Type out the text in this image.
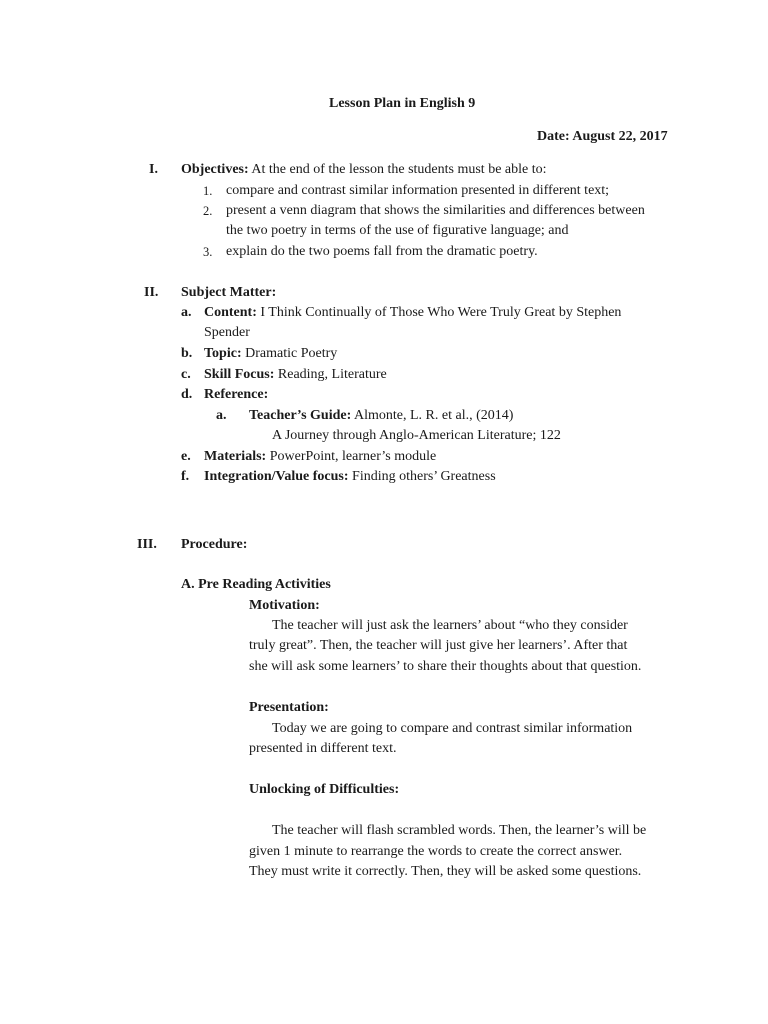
Lesson Plan in English 9
Date: August 22, 2017
I. Objectives: At the end of the lesson the students must be able to:
1. compare and contrast similar information presented in different text;
2. present a venn diagram that shows the similarities and differences between
the two poetry in terms of the use of figurative language; and
3. explain do the two poems fall from the dramatic poetry.
II. Subject Matter:
a. Content: I Think Continually of Those Who Were Truly Great by Stephen
Spender
b. Topic: Dramatic Poetry
c. Skill Focus: Reading, Literature
d. Reference:
a. Teacher’s Guide: Almonte, L. R. et al., (2014)
A Journey through Anglo-American Literature; 122
e. Materials: PowerPoint, learner’s module
f. Integration/Value focus: Finding others’ Greatness
III. Procedure:
A. Pre Reading Activities
Motivation:
The teacher will just ask the learners’ about “who they consider
truly great”. Then, the teacher will just give her learners’. After that
she will ask some learners’ to share their thoughts about that question.
Presentation:
Today we are going to compare and contrast similar information
presented in different text.
Unlocking of Difficulties:
The teacher will flash scrambled words. Then, the learner’s will be
given 1 minute to rearrange the words to create the correct answer.
They must write it correctly. Then, they will be asked some questions.
